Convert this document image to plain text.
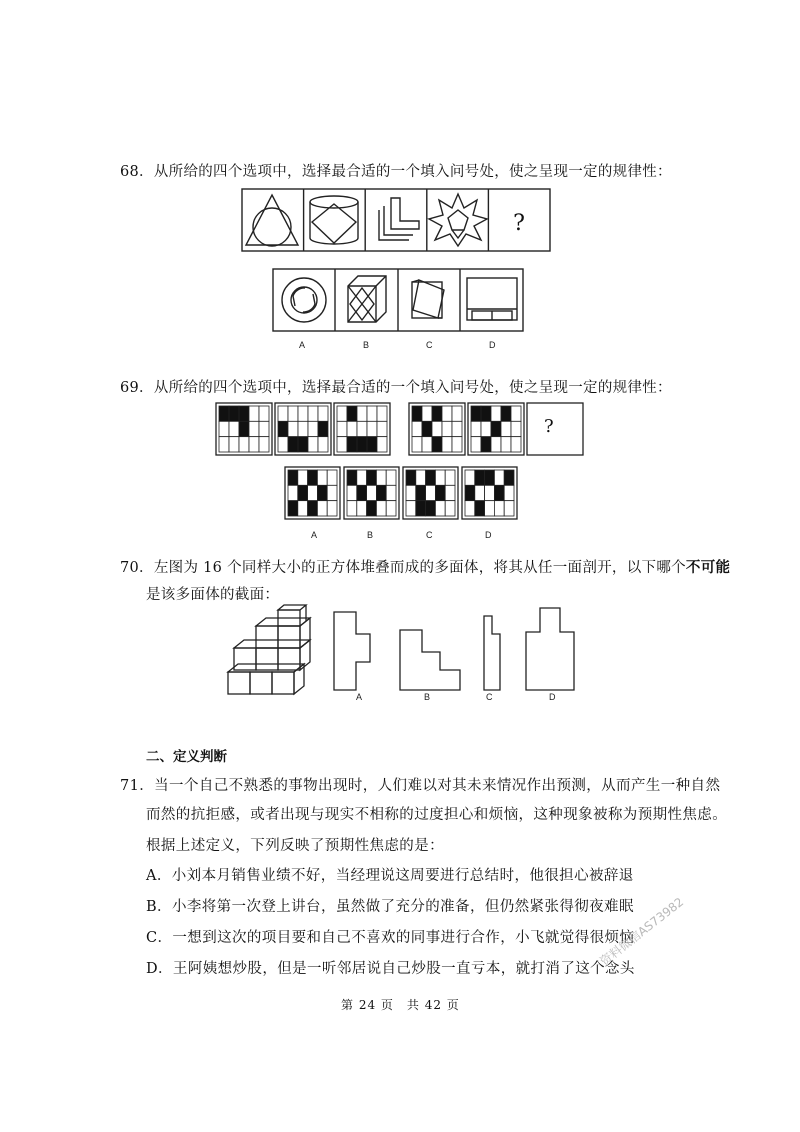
68．从所给的四个选项中，选择最合适的一个填入问号处，使之呈现一定的规律性：
?
A	B	C	D
69．从所给的四个选项中，选择最合适的一个填入问号处，使之呈现一定的规律性：
?
A	B	C	D
70．左图为 16 个同样大小的正方体堆叠而成的多面体，将其从任一面剖开，以下哪个不可能
是该多面体的截面：
A	B	C	D
二、定义判断
71．当一个自己不熟悉的事物出现时，人们难以对其未来情况作出预测，从而产生一种自然
而然的抗拒感，或者出现与现实不相称的过度担心和烦恼，这种现象被称为预期性焦虑。
根据上述定义，下列反映了预期性焦虑的是：
A．小刘本月销售业绩不好，当经理说这周要进行总结时，他很担心被辞退
B．小李将第一次登上讲台，虽然做了充分的准备，但仍然紧张得彻夜难眠
C．一想到这次的项目要和自己不喜欢的同事进行合作，小飞就觉得很烦恼
D．王阿姨想炒股，但是一听邻居说自己炒股一直亏本，就打消了这个念头
资料微信AS73982
第 24 页　共 42 页
